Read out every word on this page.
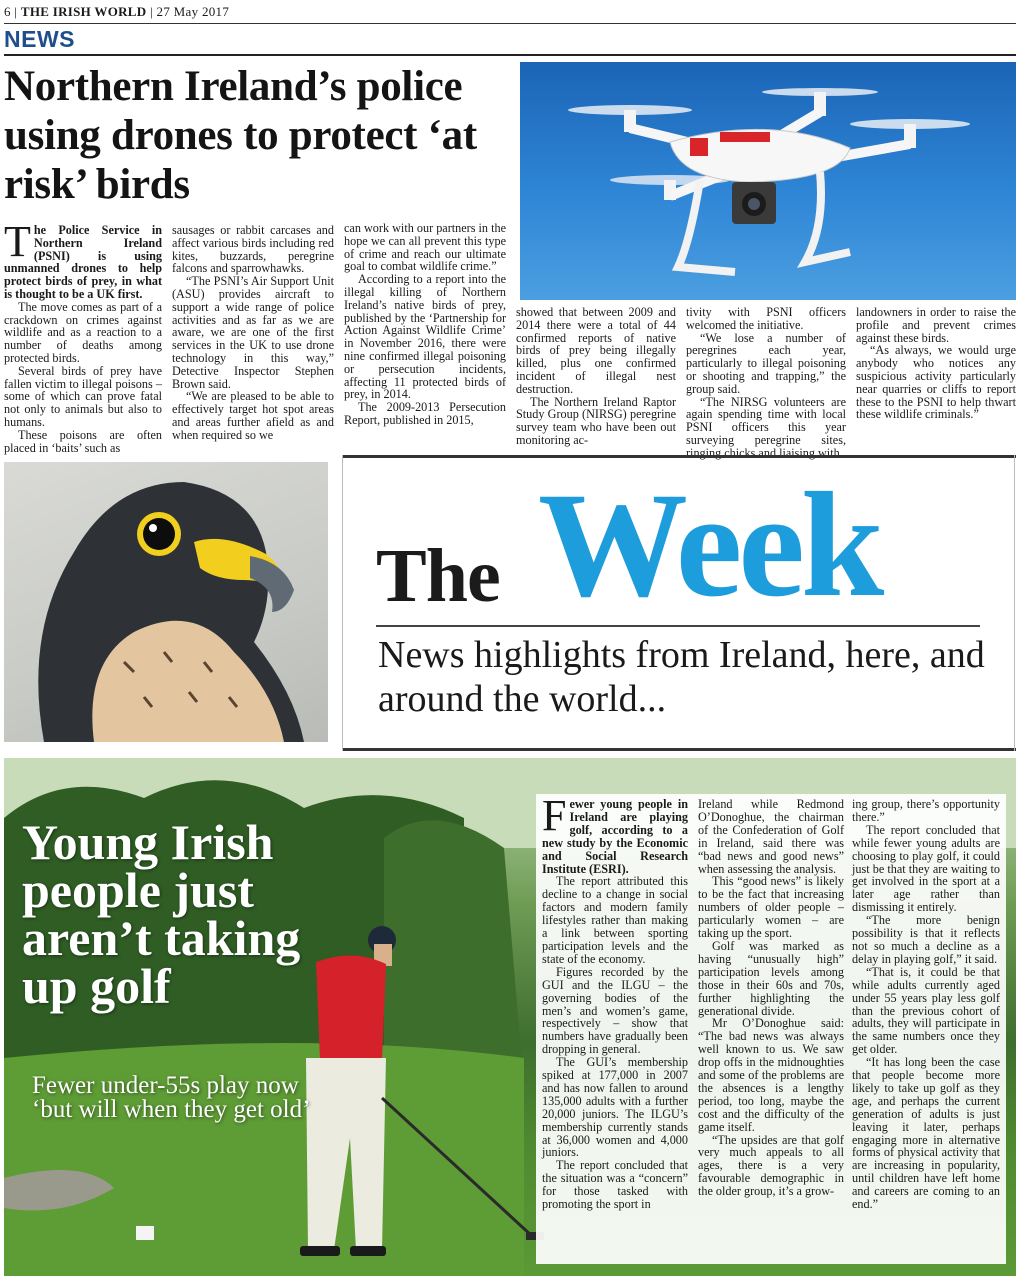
6 | THE IRISH WORLD | 27 May 2017
NEWS
Northern Ireland’s police using drones to protect ‘at risk’ birds

The Police Service in Northern Ireland (PSNI) is using unmanned drones to help protect birds of prey, in what is thought to be a UK first.

The move comes as part of a crackdown on crimes against wildlife and as a reaction to a number of deaths among protected birds.

Several birds of prey have fallen victim to illegal poisons – some of which can prove fatal not only to animals but also to humans.

These poisons are often placed in ‘baits’ such as

sausages or rabbit carcases and affect various birds including red kites, buzzards, peregrine falcons and sparrowhawks.

“The PSNI’s Air Support Unit (ASU) provides aircraft to support a wide range of police activities and as far as we are aware, we are one of the first services in the UK to use drone technology in this way,” Detective Inspector Stephen Brown said.

“We are pleased to be able to effectively target hot spot areas and areas further afield as and when required so we

can work with our partners in the hope we can all prevent this type of crime and reach our ultimate goal to combat wildlife crime.”

According to a report into the illegal killing of Northern Ireland’s native birds of prey, published by the ‘Partnership for Action Against Wildlife Crime’ in November 2016, there were nine confirmed illegal poisoning or persecution incidents, affecting 11 protected birds of prey, in 2014.

The 2009-2013 Persecution Report, published in 2015,

showed that between 2009 and 2014 there were a total of 44 confirmed reports of native birds of prey being illegally killed, plus one confirmed incident of illegal nest destruction.

The Northern Ireland Raptor Study Group (NIRSG) peregrine survey team who have been out monitoring ac-

tivity with PSNI officers welcomed the initiative.

“We lose a number of peregrines each year, particularly to illegal poisoning or shooting and trapping,” the group said.

“The NIRSG volunteers are again spending time with local PSNI officers this year surveying peregrine sites, ringing chicks and liaising with

landowners in order to raise the profile and prevent crimes against these birds.

“As always, we would urge anybody who notices any suspicious activity particularly near quarries or cliffs to report these to the PSNI to help thwart these wildlife criminals.”

Week
The
News highlights from Ireland, here, and around the world...
Young Irish people just aren’t taking up golf
Fewer under-55s play now ‘but will when they get old’

Fewer young people in Ireland are playing golf, according to a new study by the Economic and Social Research Institute (ESRI).

The report attributed this decline to a change in social factors and modern family lifestyles rather than making a link between sporting participation levels and the state of the economy.

Figures recorded by the GUI and the ILGU – the governing bodies of the men’s and women’s game, respectively – show that numbers have gradually been dropping in general.

The GUI’s membership spiked at 177,000 in 2007 and has now fallen to around 135,000 adults with a further 20,000 juniors. The ILGU’s membership currently stands at 36,000 women and 4,000 juniors.

The report concluded that the situation was a “concern” for those tasked with promoting the sport in

Ireland while Redmond O’Donoghue, the chairman of the Confederation of Golf in Ireland, said there was “bad news and good news” when assessing the analysis.

This “good news” is likely to be the fact that increasing numbers of older people – particularly women – are taking up the sport.

Golf was marked as having “unusually high” participation levels among those in their 60s and 70s, further highlighting the generational divide.

Mr O’Donoghue said: “The bad news was always well known to us. We saw drop offs in the midnoughties and some of the problems are the absences is a lengthy period, too long, maybe the cost and the difficulty of the game itself.

“The upsides are that golf very much appeals to all ages, there is a very favourable demographic in the older group, it’s a grow-

ing group, there’s opportunity there.”

The report concluded that while fewer young adults are choosing to play golf, it could just be that they are waiting to get involved in the sport at a later age rather than dismissing it entirely.

“The more benign possibility is that it reflects not so much a decline as a delay in playing golf,” it said.

“That is, it could be that while adults currently aged under 55 years play less golf than the previous cohort of adults, they will participate in the same numbers once they get older.

“It has long been the case that people become more likely to take up golf as they age, and perhaps the current generation of adults is just leaving it later, perhaps engaging more in alternative forms of physical activity that are increasing in popularity, until children have left home and careers are coming to an end.”
